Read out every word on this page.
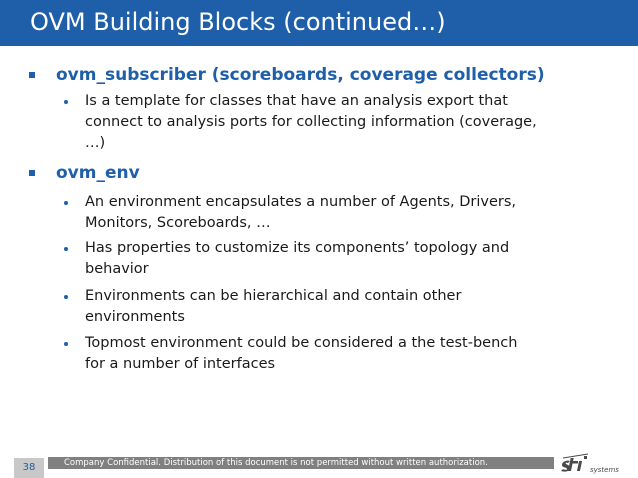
OVM Building Blocks (continued…)
ovm_subscriber (scoreboards, coverage collectors)
Is a template for classes that have an analysis export that
connect to analysis ports for collecting information (coverage,
…)
ovm_env
An environment encapsulates a number of Agents, Drivers,
Monitors, Scoreboards, …
Has properties to customize its components’ topology and
behavior
Environments can be hierarchical and contain other
environments
Topmost environment could be considered a the test-bench
for a number of interfaces
38	Company Confidential. Distribution of this document is not permitted without written authorization.
systems
